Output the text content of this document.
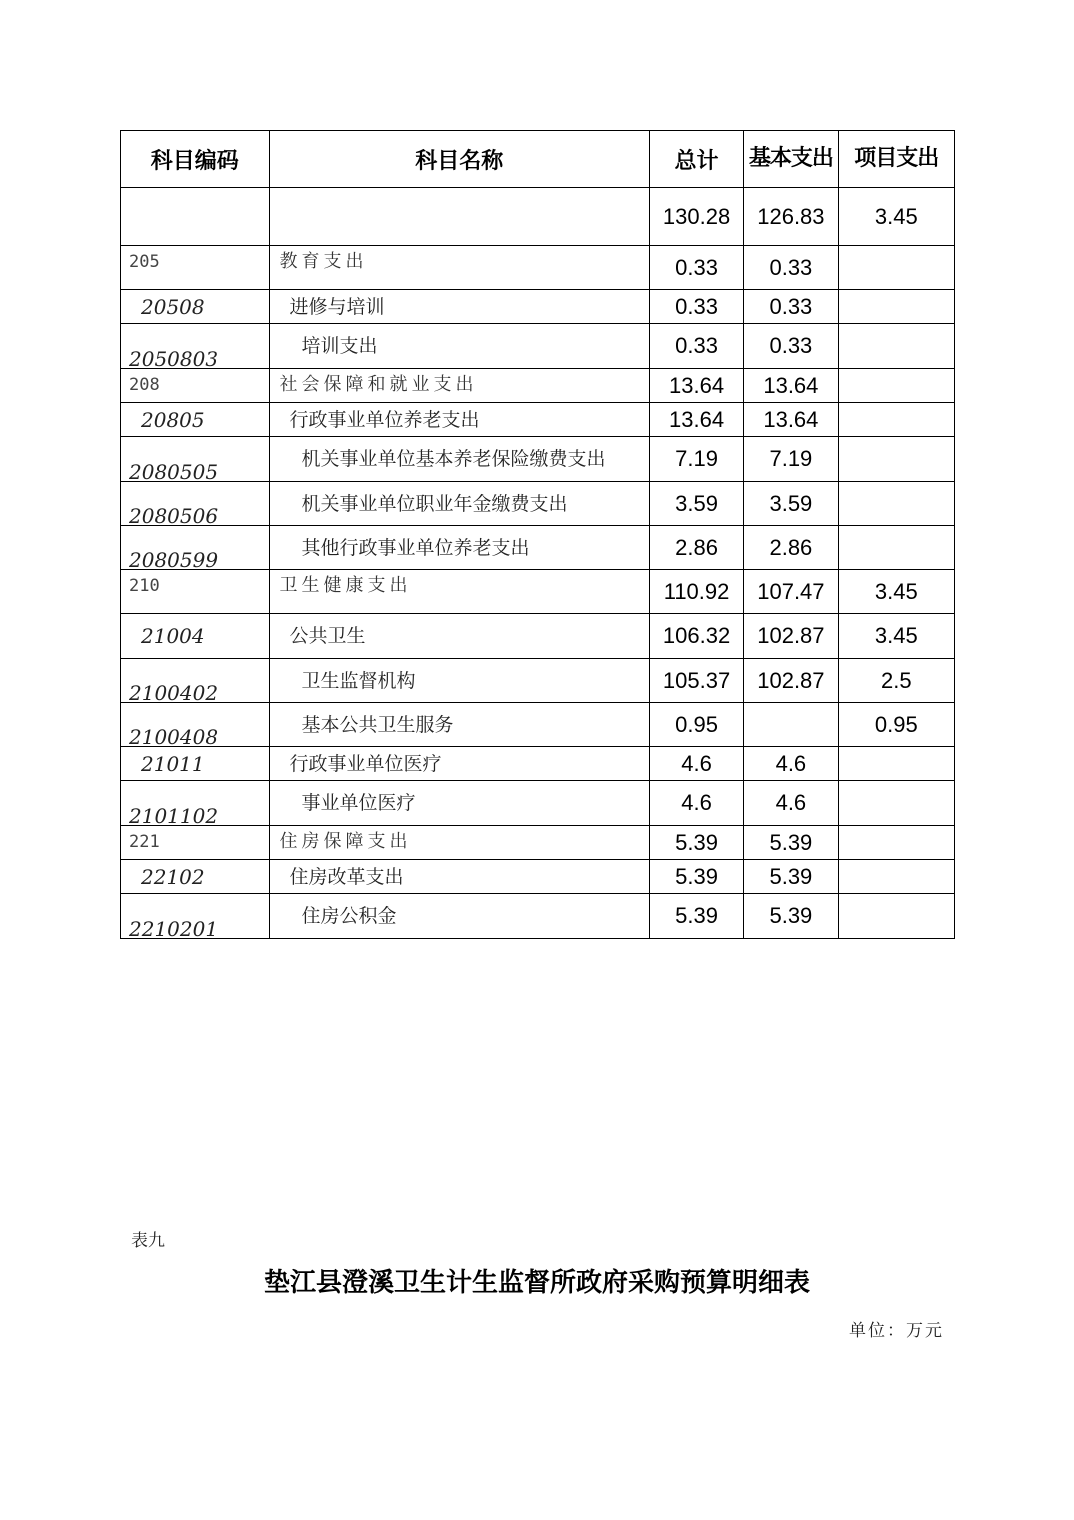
科目编码	科目名称	总计	基本支出	项目支出
		130.28	126.83	3.45
205	教育支出	0.33	0.33	
20508	进修与培训	0.33	0.33	
2050803	培训支出	0.33	0.33	
208	社会保障和就业支出	13.64	13.64	
20805	行政事业单位养老支出	13.64	13.64	
2080505	机关事业单位基本养老保险缴费支出	7.19	7.19	
2080506	机关事业单位职业年金缴费支出	3.59	3.59	
2080599	其他行政事业单位养老支出	2.86	2.86	
210	卫生健康支出	110.92	107.47	3.45
21004	公共卫生	106.32	102.87	3.45
2100402	卫生监督机构	105.37	102.87	2.5
2100408	基本公共卫生服务	0.95		0.95
21011	行政事业单位医疗	4.6	4.6	
2101102	事业单位医疗	4.6	4.6	
221	住房保障支出	5.39	5.39	
22102	住房改革支出	5.39	5.39	
2210201	住房公积金	5.39	5.39	
表九
垫江县澄溪卫生计生监督所政府采购预算明细表
单位：万元
